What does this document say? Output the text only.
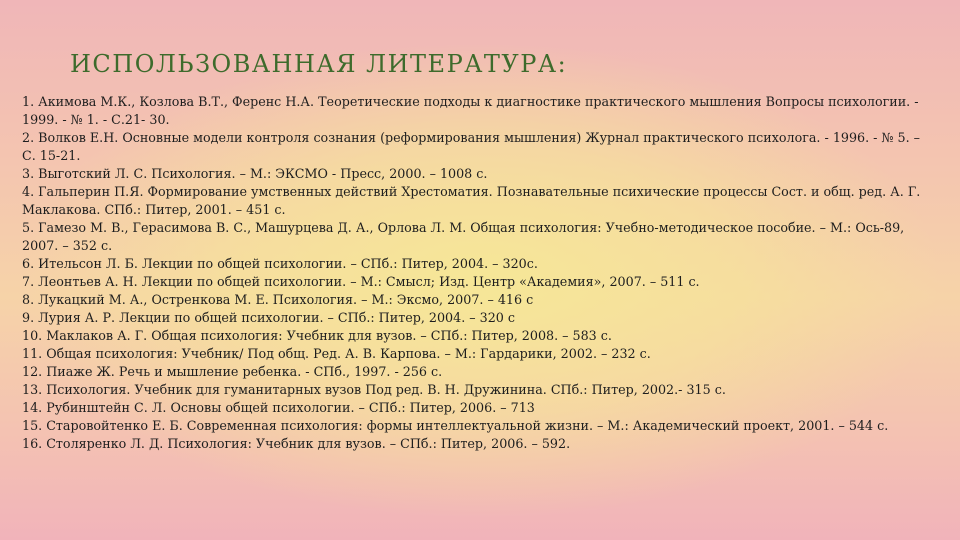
ИСПОЛЬЗОВАННАЯ ЛИТЕРАТУРА:
1. Акимова М.К., Козлова В.Т., Ференс Н.А. Теоретические подходы к диагностике практического мышления Вопросы психологии. - 1999. - № 1. - С.21- 30.
2. Волков Е.Н. Основные модели контроля сознания (реформирования мышления) Журнал практического психолога. - 1996. - № 5. – С. 15-21.
3. Выготский Л. С. Психология. – М.: ЭКСМО - Пресс, 2000. – 1008 с.
4. Гальперин П.Я. Формирование умственных действий Хрестоматия. Познавательные психические процессы Сост. и общ. ред. А. Г. Маклакова. СПб.: Питер, 2001. – 451 с.
5. Гамезо М. В., Герасимова В. С., Машурцева Д. А., Орлова Л. М. Общая психология: Учебно-методическое пособие. – М.: Ось-89, 2007. – 352 с.
6. Ительсон Л. Б. Лекции по общей психологии. – СПб.: Питер, 2004. – 320с.
7. Леонтьев А. Н. Лекции по общей психологии. – М.: Смысл; Изд. Центр «Академия», 2007. – 511 с.
8. Лукацкий М. А., Остренкова М. Е. Психология. – М.: Эксмо, 2007. – 416 с
9. Лурия А. Р. Лекции по общей психологии. – СПб.: Питер, 2004. – 320 с
10. Маклаков А. Г. Общая психология: Учебник для вузов. – СПб.: Питер, 2008. – 583 с.
11. Общая психология: Учебник/ Под общ. Ред. А. В. Карпова. – М.: Гардарики, 2002. – 232 с.
12. Пиаже Ж. Речь и мышление ребенка. - СПб., 1997. - 256 с.
13. Психология. Учебник для гуманитарных вузов Под ред. В. Н. Дружинина. СПб.: Питер, 2002.- 315 с.
14. Рубинштейн С. Л. Основы общей психологии. – СПб.: Питер, 2006. – 713
15. Старовойтенко Е. Б. Современная психология: формы интеллектуальной жизни. – М.: Академический проект, 2001. – 544 с.
16. Столяренко Л. Д. Психология: Учебник для вузов. – СПб.: Питер, 2006. – 592.
